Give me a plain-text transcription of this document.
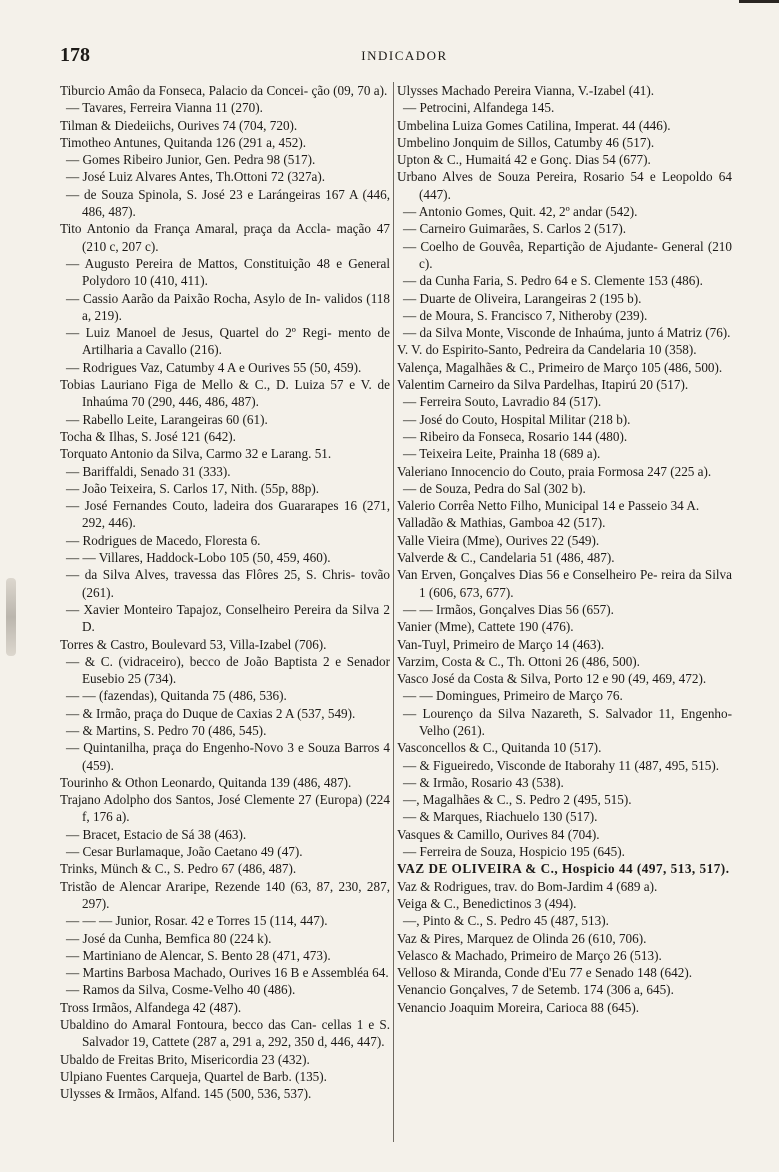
178	INDICADOR
Tiburcio Amâo da Fonseca, Palacio da Concei- ção (09, 70 a).
— Tavares, Ferreira Vianna 11 (270).
Tilman & Diedeiichs, Ourives 74 (704, 720).
Timotheo Antunes, Quitanda 126 (291 a, 452).
— Gomes Ribeiro Junior, Gen. Pedra 98 (517).
— José Luiz Alvares Antes, Th.Ottoni 72 (327a).
— de Souza Spinola, S. José 23 e Larángeiras 167 A (446, 486, 487).
Tito Antonio da França Amaral, praça da Accla- mação 47 (210 c, 207 c).
— Augusto Pereira de Mattos, Constituição 48 e General Polydoro 10 (410, 411).
— Cassio Aarão da Paixão Rocha, Asylo de In- validos (118 a, 219).
— Luiz Manoel de Jesus, Quartel do 2º Regi- mento de Artilharia a Cavallo (216).
— Rodrigues Vaz, Catumby 4 A e Ourives 55 (50, 459).
Tobias Lauriano Figa de Mello & C., D. Luiza 57 e V. de Inhaúma 70 (290, 446, 486, 487).
— Rabello Leite, Larangeiras 60 (61).
Tocha & Ilhas, S. José 121 (642).
Torquato Antonio da Silva, Carmo 32 e Larang. 51.
— Bariffaldi, Senado 31 (333).
— João Teixeira, S. Carlos 17, Nith. (55p, 88p).
— José Fernandes Couto, ladeira dos Guararapes 16 (271, 292, 446).
— Rodrigues de Macedo, Floresta 6.
— — Villares, Haddock-Lobo 105 (50, 459, 460).
— da Silva Alves, travessa das Flôres 25, S. Chris- tovão (261).
— Xavier Monteiro Tapajoz, Conselheiro Pereira da Silva 2 D.
Torres & Castro, Boulevard 53, Villa-Izabel (706).
— & C. (vidraceiro), becco de João Baptista 2 e Senador Eusebio 25 (734).
— — (fazendas), Quitanda 75 (486, 536).
— & Irmão, praça do Duque de Caxias 2 A (537, 549).
— & Martins, S. Pedro 70 (486, 545).
— Quintanilha, praça do Engenho-Novo 3 e Souza Barros 4 (459).
Tourinho & Othon Leonardo, Quitanda 139 (486, 487).
Trajano Adolpho dos Santos, José Clemente 27 (Europa) (224 f, 176 a).
— Bracet, Estacio de Sá 38 (463).
— Cesar Burlamaque, João Caetano 49 (47).
Trinks, Münch & C., S. Pedro 67 (486, 487).
Tristão de Alencar Araripe, Rezende 140 (63, 87, 230, 287, 297).
— — — Junior, Rosar. 42 e Torres 15 (114, 447).
— José da Cunha, Bemfica 80 (224 k).
— Martiniano de Alencar, S. Bento 28 (471, 473).
— Martins Barbosa Machado, Ourives 16 B e Assembléa 64.
— Ramos da Silva, Cosme-Velho 40 (486).
Tross Irmãos, Alfandega 42 (487).
Ubaldino do Amaral Fontoura, becco das Can- cellas 1 e S. Salvador 19, Cattete (287 a, 291 a, 292, 350 d, 446, 447).
Ubaldo de Freitas Brito, Misericordia 23 (432).
Ulpiano Fuentes Carqueja, Quartel de Barb. (135).
Ulysses & Irmãos, Alfand. 145 (500, 536, 537).
Ulysses Machado Pereira Vianna, V.-Izabel (41).
— Petrocini, Alfandega 145.
Umbelina Luiza Gomes Catilina, Imperat. 44 (446).
Umbelino Jonquim de Sillos, Catumby 46 (517).
Upton & C., Humaitá 42 e Gonç. Dias 54 (677).
Urbano Alves de Souza Pereira, Rosario 54 e Leopoldo 64 (447).
— Antonio Gomes, Quit. 42, 2º andar (542).
— Carneiro Guimarães, S. Carlos 2 (517).
— Coelho de Gouvêa, Repartição de Ajudante- General (210 c).
— da Cunha Faria, S. Pedro 64 e S. Clemente 153 (486).
— Duarte de Oliveira, Larangeiras 2 (195 b).
— de Moura, S. Francisco 7, Nitheroby (239).
— da Silva Monte, Visconde de Inhaúma, junto á Matriz (76).
V. V. do Espirito-Santo, Pedreira da Candelaria 10 (358).
Valença, Magalhães & C., Primeiro de Março 105 (486, 500).
Valentim Carneiro da Silva Pardelhas, Itapirú 20 (517).
— Ferreira Souto, Lavradio 84 (517).
— José do Couto, Hospital Militar (218 b).
— Ribeiro da Fonseca, Rosario 144 (480).
— Teixeira Leite, Prainha 18 (689 a).
Valeriano Innocencio do Couto, praia Formosa 247 (225 a).
— de Souza, Pedra do Sal (302 b).
Valerio Corrêa Netto Filho, Municipal 14 e Passeio 34 A.
Valladão & Mathias, Gamboa 42 (517).
Valle Vieira (Mme), Ourives 22 (549).
Valverde & C., Candelaria 51 (486, 487).
Van Erven, Gonçalves Dias 56 e Conselheiro Pe- reira da Silva 1 (606, 673, 677).
— — Irmãos, Gonçalves Dias 56 (657).
Vanier (Mme), Cattete 190 (476).
Van-Tuyl, Primeiro de Março 14 (463).
Varzim, Costa & C., Th. Ottoni 26 (486, 500).
Vasco José da Costa & Silva, Porto 12 e 90 (49, 469, 472).
— — Domingues, Primeiro de Março 76.
— Lourenço da Silva Nazareth, S. Salvador 11, Engenho-Velho (261).
Vasconcellos & C., Quitanda 10 (517).
— & Figueiredo, Visconde de Itaborahy 11 (487, 495, 515).
— & Irmão, Rosario 43 (538).
—, Magalhães & C., S. Pedro 2 (495, 515).
— & Marques, Riachuelo 130 (517).
Vasques & Camillo, Ourives 84 (704).
— Ferreira de Souza, Hospicio 195 (645).
VAZ DE OLIVEIRA & C., Hospicio 44 (497, 513, 517).
Vaz & Rodrigues, trav. do Bom-Jardim 4 (689 a).
Veiga & C., Benedictinos 3 (494).
—, Pinto & C., S. Pedro 45 (487, 513).
Vaz & Pires, Marquez de Olinda 26 (610, 706).
Velasco & Machado, Primeiro de Março 26 (513).
Velloso & Miranda, Conde d'Eu 77 e Senado 148 (642).
Venancio Gonçalves, 7 de Setemb. 174 (306 a, 645).
Venancio Joaquim Moreira, Carioca 88 (645).
